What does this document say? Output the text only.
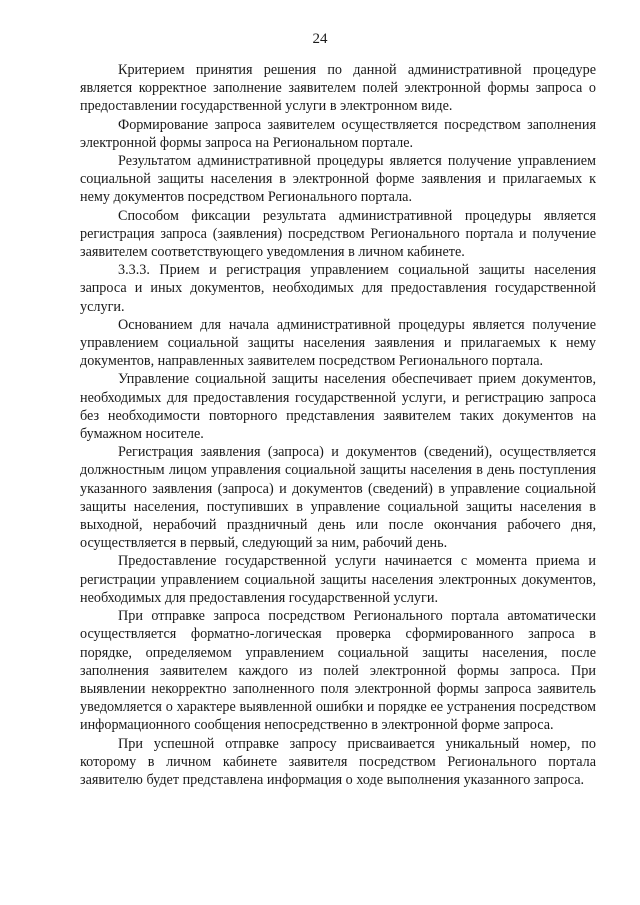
24

Критерием принятия решения по данной административной процедуре является корректное заполнение заявителем полей электронной формы запроса о предоставлении государственной услуги в электронном виде.

Формирование запроса заявителем осуществляется посредством заполнения электронной формы запроса на Региональном портале.

Результатом административной процедуры является получение управлением социальной защиты населения в электронной форме заявления и прилагаемых к нему документов посредством Регионального портала.

Способом фиксации результата административной процедуры является регистрация запроса (заявления) посредством Регионального портала и получение заявителем соответствующего уведомления в личном кабинете.

3.3.3. Прием и регистрация управлением социальной защиты населения запроса и иных документов, необходимых для предоставления государственной услуги.

Основанием для начала административной процедуры является получение управлением социальной защиты населения заявления и прилагаемых к нему документов, направленных заявителем посредством Регионального портала.

Управление социальной защиты населения обеспечивает прием документов, необходимых для предоставления государственной услуги, и регистрацию запроса без необходимости повторного представления заявителем таких документов на бумажном носителе.

Регистрация заявления (запроса) и документов (сведений), осуществляется должностным лицом управления социальной защиты населения в день поступления указанного заявления (запроса) и документов (сведений) в управление социальной защиты населения, поступивших в управление социальной защиты населения в выходной, нерабочий праздничный день или после окончания рабочего дня, осуществляется в первый, следующий за ним, рабочий день.

Предоставление государственной услуги начинается с момента приема и регистрации управлением социальной защиты населения электронных документов, необходимых для предоставления государственной услуги.

При отправке запроса посредством Регионального портала автоматически осуществляется форматно-логическая проверка сформированного запроса в порядке, определяемом управлением социальной защиты населения, после заполнения заявителем каждого из полей электронной формы запроса. При выявлении некорректно заполненного поля электронной формы запроса заявитель уведомляется о характере выявленной ошибки и порядке ее устранения посредством информационного сообщения непосредственно в электронной форме запроса.

При успешной отправке запросу присваивается уникальный номер, по которому в личном кабинете заявителя посредством Регионального портала заявителю будет представлена информация о ходе выполнения указанного запроса.
